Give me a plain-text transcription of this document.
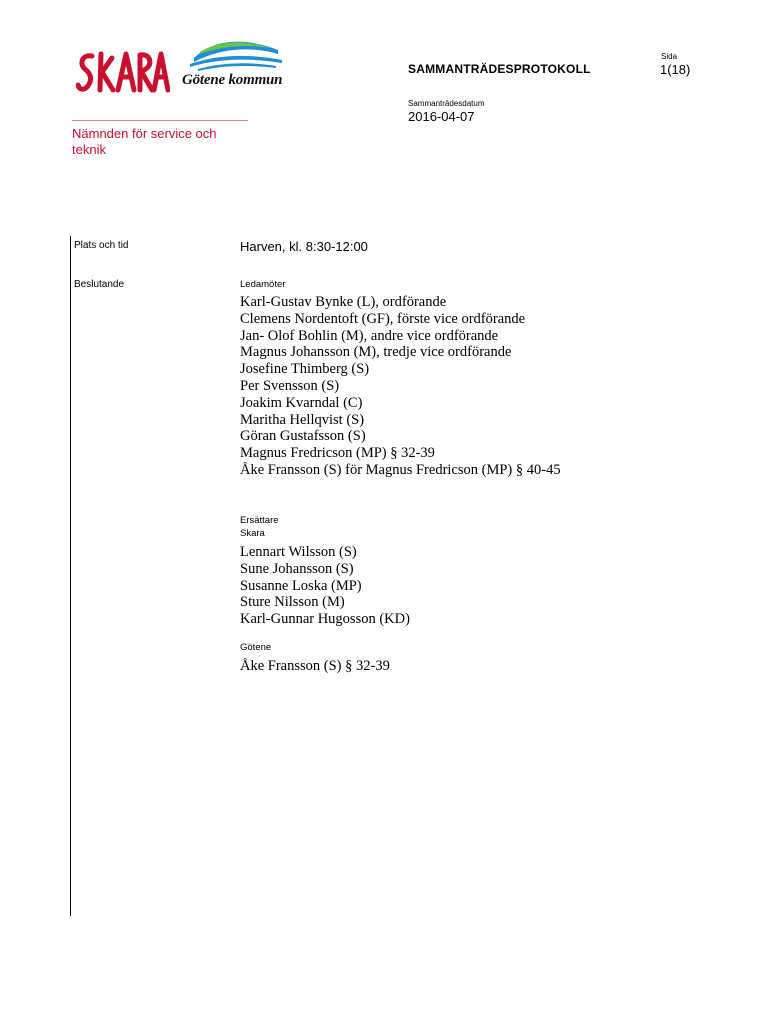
Götene kommun
SAMMANTRÄDESPROTOKOLL
Sida
1(18)
Sammanträdesdatum
2016-04-07
Nämnden för service och teknik
Plats och tid	Harven, kl. 8:30-12:00
Beslutande	Ledamöter
Karl-Gustav Bynke (L), ordförande
Clemens Nordentoft (GF), förste vice ordförande
Jan- Olof Bohlin (M), andre vice ordförande
Magnus Johansson (M), tredje vice ordförande
Josefine Thimberg (S)
Per Svensson (S)
Joakim Kvarndal (C)
Maritha Hellqvist (S)
Göran Gustafsson (S)
Magnus Fredricson (MP) § 32-39
Åke Fransson (S) för Magnus Fredricson (MP) § 40-45
Ersättare
Skara
Lennart Wilsson (S)
Sune Johansson (S)
Susanne Loska (MP)
Sture Nilsson (M)
Karl-Gunnar Hugosson (KD)
Götene
Åke Fransson (S) § 32-39
